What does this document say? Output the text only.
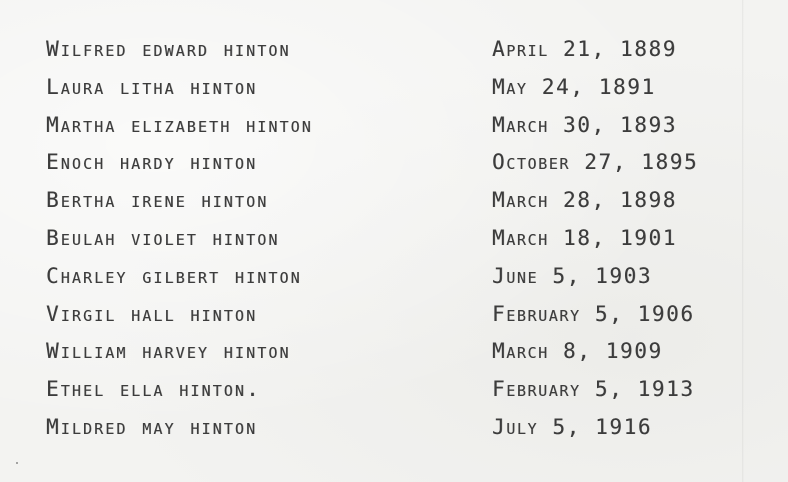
Wilfred edward hinton	april 21, 1889
Laura litha hinton	may 24, 1891
Martha elizabeth hinton	march 30, 1893
Enoch hardy hinton	october 27, 1895
Bertha irene hinton	march 28, 1898
Beulah violet hinton	march 18, 1901
Charley gilbert hinton	june 5, 1903
Virgil hall hinton	february 5, 1906
William harvey hinton	march 8, 1909
Ethel ella hinton.	february 5, 1913
Mildred may hinton	july 5, 1916
